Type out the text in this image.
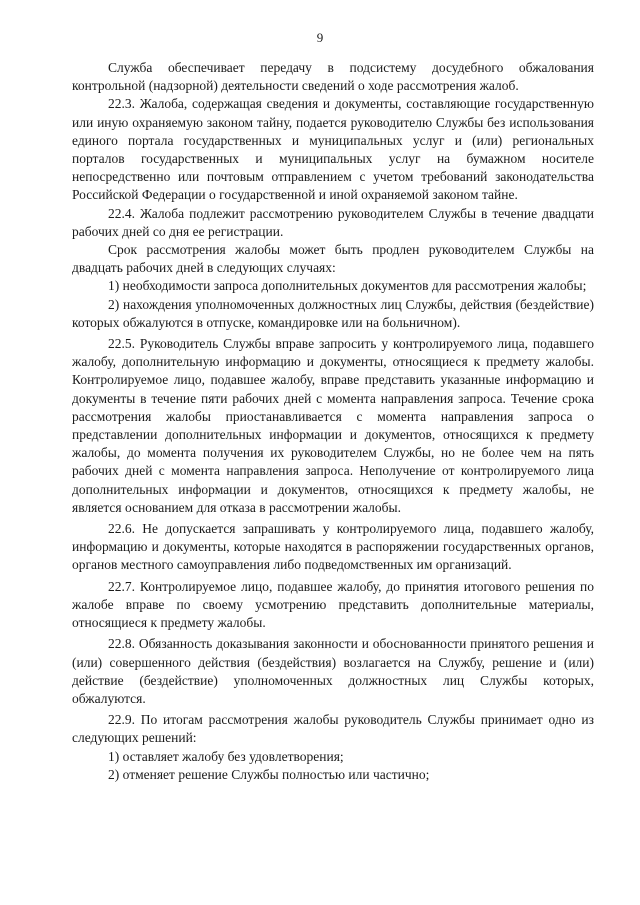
9

Служба обеспечивает передачу в подсистему досудебного обжалования контрольной (надзорной) деятельности сведений о ходе рассмотрения жалоб.

22.3. Жалоба, содержащая сведения и документы, составляющие государственную или иную охраняемую законом тайну, подается руководителю Службы без использования единого портала государственных и муниципальных услуг и (или) региональных порталов государственных и муниципальных услуг на бумажном носителе непосредственно или почтовым отправлением с учетом требований законодательства Российской Федерации о государственной и иной охраняемой законом тайне.

22.4. Жалоба подлежит рассмотрению руководителем Службы в течение двадцати рабочих дней со дня ее регистрации.

Срок рассмотрения жалобы может быть продлен руководителем Службы на двадцать рабочих дней в следующих случаях:

1) необходимости запроса дополнительных документов для рассмотрения жалобы;

2) нахождения уполномоченных должностных лиц Службы, действия (бездействие) которых обжалуются в отпуске, командировке или на больничном).

22.5. Руководитель Службы вправе запросить у контролируемого лица, подавшего жалобу, дополнительную информацию и документы, относящиеся к предмету жалобы. Контролируемое лицо, подавшее жалобу, вправе представить указанные информацию и документы в течение пяти рабочих дней с момента направления запроса. Течение срока рассмотрения жалобы приостанавливается с момента направления запроса о представлении дополнительных информации и документов, относящихся к предмету жалобы, до момента получения их руководителем Службы, но не более чем на пять рабочих дней с момента направления запроса. Неполучение от контролируемого лица дополнительных информации и документов, относящихся к предмету жалобы, не является основанием для отказа в рассмотрении жалобы.

22.6. Не допускается запрашивать у контролируемого лица, подавшего жалобу, информацию и документы, которые находятся в распоряжении государственных органов, органов местного самоуправления либо подведомственных им организаций.

22.7. Контролируемое лицо, подавшее жалобу, до принятия итогового решения по жалобе вправе по своему усмотрению представить дополнительные материалы, относящиеся к предмету жалобы.

22.8. Обязанность доказывания законности и обоснованности принятого решения и (или) совершенного действия (бездействия) возлагается на Службу, решение и (или) действие (бездействие) уполномоченных должностных лиц Службы которых, обжалуются.

22.9. По итогам рассмотрения жалобы руководитель Службы принимает одно из следующих решений:

1) оставляет жалобу без удовлетворения;

2) отменяет решение Службы полностью или частично;
